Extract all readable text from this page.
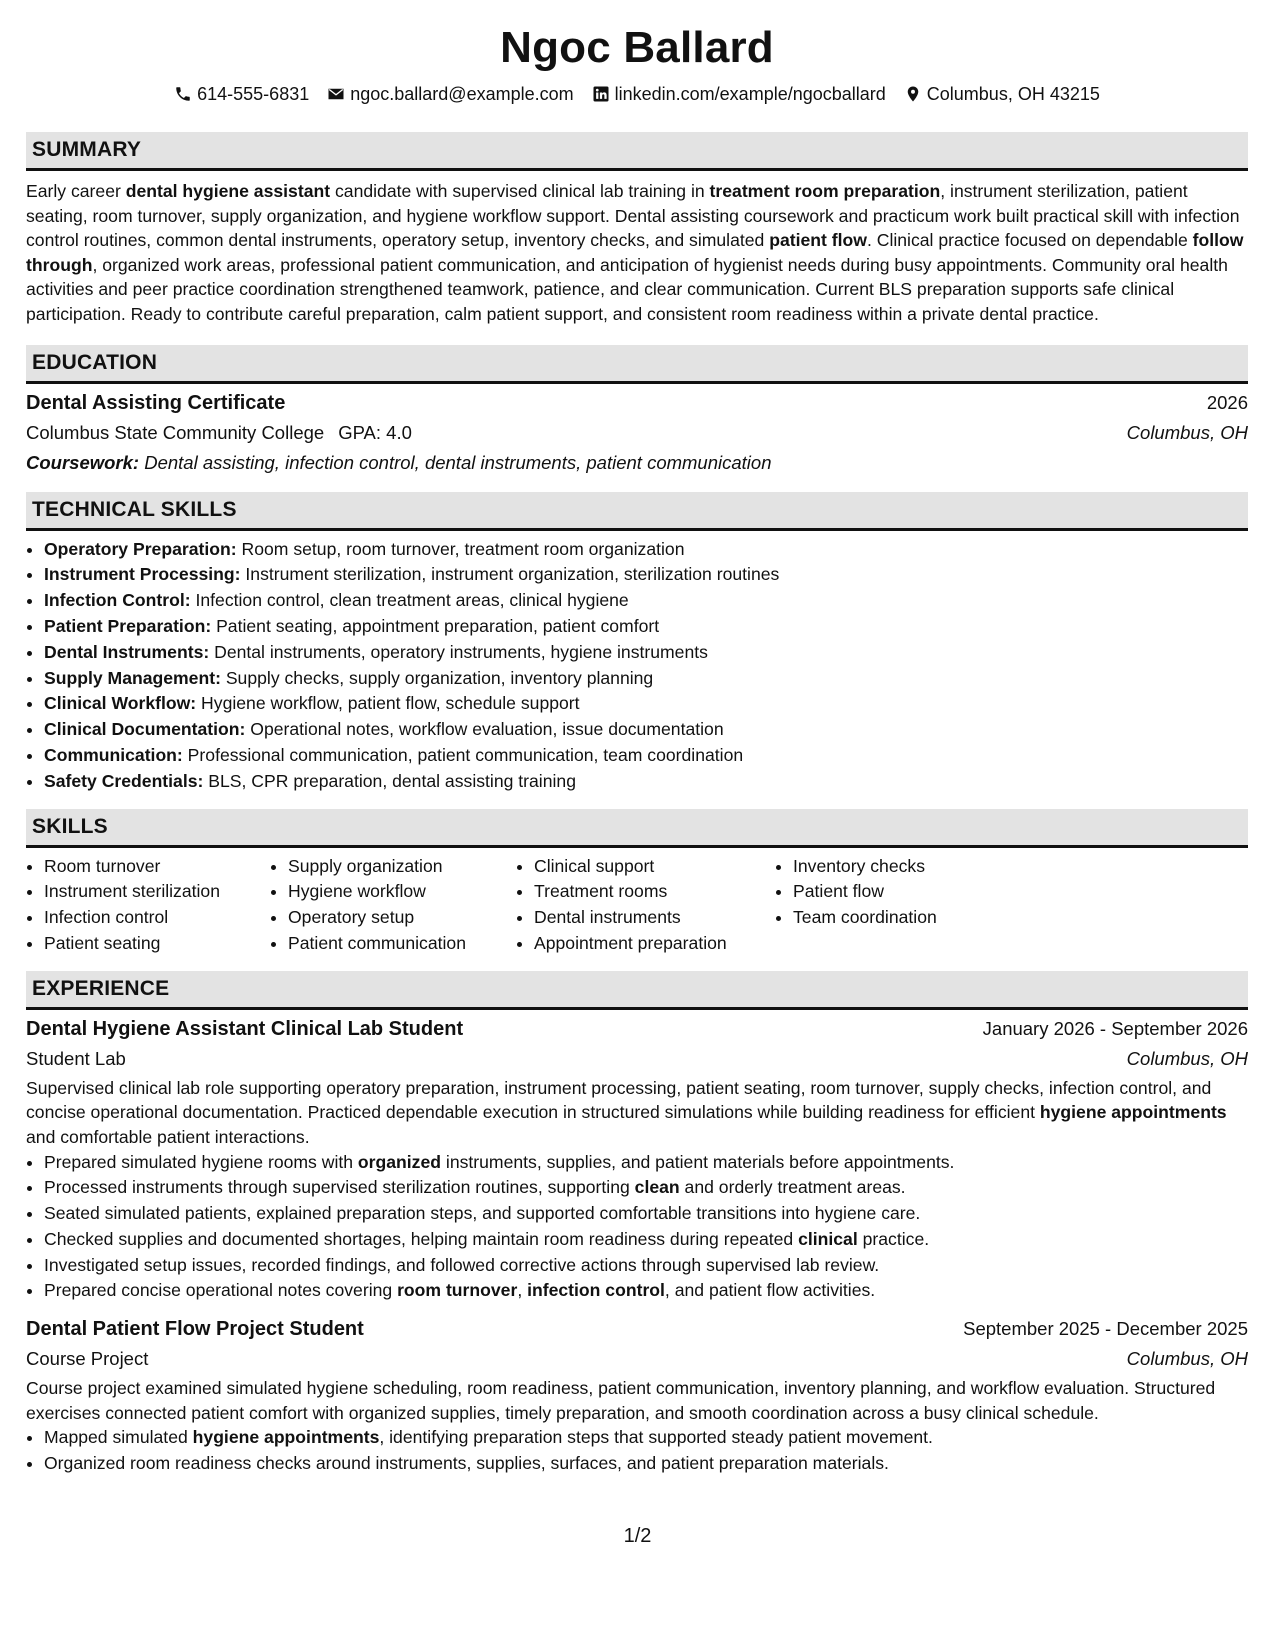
Ngoc Ballard
614-555-6831 ngoc.ballard@example.com linkedin.com/example/ngocballard Columbus, OH 43215
SUMMARY

Early career dental hygiene assistant candidate with supervised clinical lab training in treatment room preparation, instrument sterilization, patient seating, room turnover, supply organization, and hygiene workflow support. Dental assisting coursework and practicum work built practical skill with infection control routines, common dental instruments, operatory setup, inventory checks, and simulated patient flow. Clinical practice focused on dependable follow through, organized work areas, professional patient communication, and anticipation of hygienist needs during busy appointments. Community oral health activities and peer practice coordination strengthened teamwork, patience, and clear communication. Current BLS preparation supports safe clinical participation. Ready to contribute careful preparation, calm patient support, and consistent room readiness within a private dental practice.

EDUCATION
Dental Assisting Certificate	2026
Columbus State Community College GPA: 4.0	Columbus, OH
Coursework: Dental assisting, infection control, dental instruments, patient communication
TECHNICAL SKILLS
• Operatory Preparation: Room setup, room turnover, treatment room organization
• Instrument Processing: Instrument sterilization, instrument organization, sterilization routines
• Infection Control: Infection control, clean treatment areas, clinical hygiene
• Patient Preparation: Patient seating, appointment preparation, patient comfort
• Dental Instruments: Dental instruments, operatory instruments, hygiene instruments
• Supply Management: Supply checks, supply organization, inventory planning
• Clinical Workflow: Hygiene workflow, patient flow, schedule support
• Clinical Documentation: Operational notes, workflow evaluation, issue documentation
• Communication: Professional communication, patient communication, team coordination
• Safety Credentials: BLS, CPR preparation, dental assisting training
SKILLS
• Room turnover
• Instrument sterilization
• Infection control
• Patient seating
• Supply organization
• Hygiene workflow
• Operatory setup
• Patient communication
• Clinical support
• Treatment rooms
• Dental instruments
• Appointment preparation
• Inventory checks
• Patient flow
• Team coordination
EXPERIENCE
Dental Hygiene Assistant Clinical Lab Student	January 2026 - September 2026
Student Lab	Columbus, OH

Supervised clinical lab role supporting operatory preparation, instrument processing, patient seating, room turnover, supply checks, infection control, and concise operational documentation. Practiced dependable execution in structured simulations while building readiness for efficient hygiene appointments and comfortable patient interactions.

• Prepared simulated hygiene rooms with organized instruments, supplies, and patient materials before appointments.
• Processed instruments through supervised sterilization routines, supporting clean and orderly treatment areas.
• Seated simulated patients, explained preparation steps, and supported comfortable transitions into hygiene care.
• Checked supplies and documented shortages, helping maintain room readiness during repeated clinical practice.
• Investigated setup issues, recorded findings, and followed corrective actions through supervised lab review.
• Prepared concise operational notes covering room turnover, infection control, and patient flow activities.
Dental Patient Flow Project Student	September 2025 - December 2025
Course Project	Columbus, OH

Course project examined simulated hygiene scheduling, room readiness, patient communication, inventory planning, and workflow evaluation. Structured exercises connected patient comfort with organized supplies, timely preparation, and smooth coordination across a busy clinical schedule.

• Mapped simulated hygiene appointments, identifying preparation steps that supported steady patient movement.
• Organized room readiness checks around instruments, supplies, surfaces, and patient preparation materials.
1/2
